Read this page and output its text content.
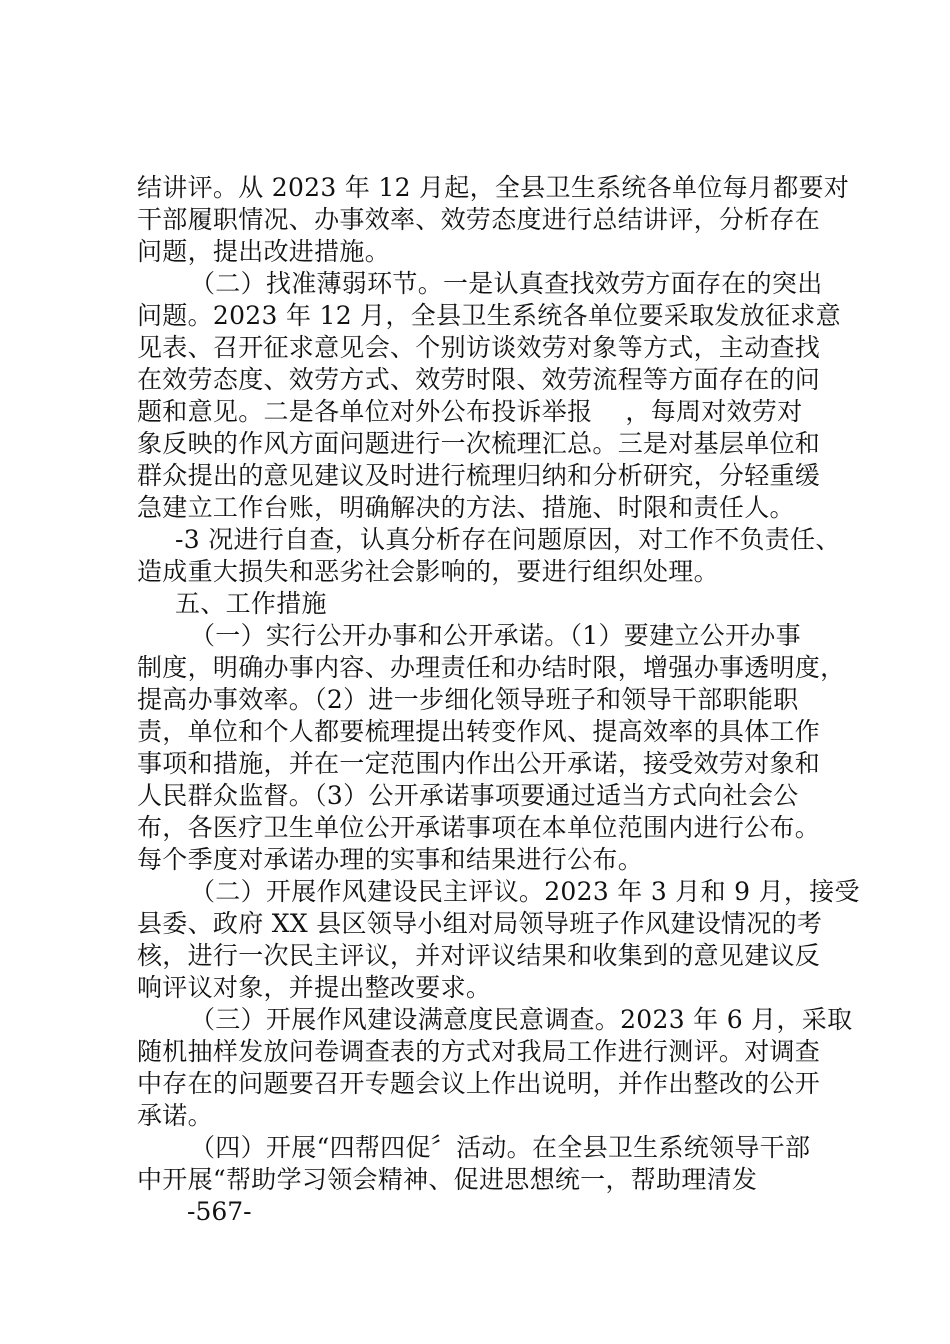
结讲评。从 2023 年 12 月起，全县卫生系统各单位每月都要对
干部履职情况、办事效率、效劳态度进行总结讲评，分析存在
问题，提出改进措施。
（二）找准薄弱环节。一是认真查找效劳方面存在的突出
问题。2023 年 12 月，全县卫生系统各单位要采取发放征求意
见表、召开征求意见会、个别访谈效劳对象等方式，主动查找
在效劳态度、效劳方式、效劳时限、效劳流程等方面存在的问
题和意见。二是各单位对外公布投诉举报    ，每周对效劳对
象反映的作风方面问题进行一次梳理汇总。三是对基层单位和
群众提出的意见建议及时进行梳理归纳和分析研究，分轻重缓
急建立工作台账，明确解决的方法、措施、时限和责任人。
-3 况进行自查，认真分析存在问题原因，对工作不负责任、
造成重大损失和恶劣社会影响的，要进行组织处理。
五、工作措施
（一）实行公开办事和公开承诺。（1）要建立公开办事
制度，明确办事内容、办理责任和办结时限，增强办事透明度，
提高办事效率。（2）进一步细化领导班子和领导干部职能职
责，单位和个人都要梳理提出转变作风、提高效率的具体工作
事项和措施，并在一定范围内作出公开承诺，接受效劳对象和
人民群众监督。（3）公开承诺事项要通过适当方式向社会公
布，各医疗卫生单位公开承诺事项在本单位范围内进行公布。
每个季度对承诺办理的实事和结果进行公布。
（二）开展作风建设民主评议。2023 年 3 月和 9 月，接受
县委、政府 XX 县区领导小组对局领导班子作风建设情况的考
核，进行一次民主评议，并对评议结果和收集到的意见建议反
响评议对象，并提出整改要求。
（三）开展作风建设满意度民意调查。2023 年 6 月，采取
随机抽样发放问卷调查表的方式对我局工作进行测评。对调查
中存在的问题要召开专题会议上作出说明，并作出整改的公开
承诺。
（四）开展“四帮四促〞活动。在全县卫生系统领导干部
中开展“帮助学习领会精神、促进思想统一，帮助理清发
-567-
